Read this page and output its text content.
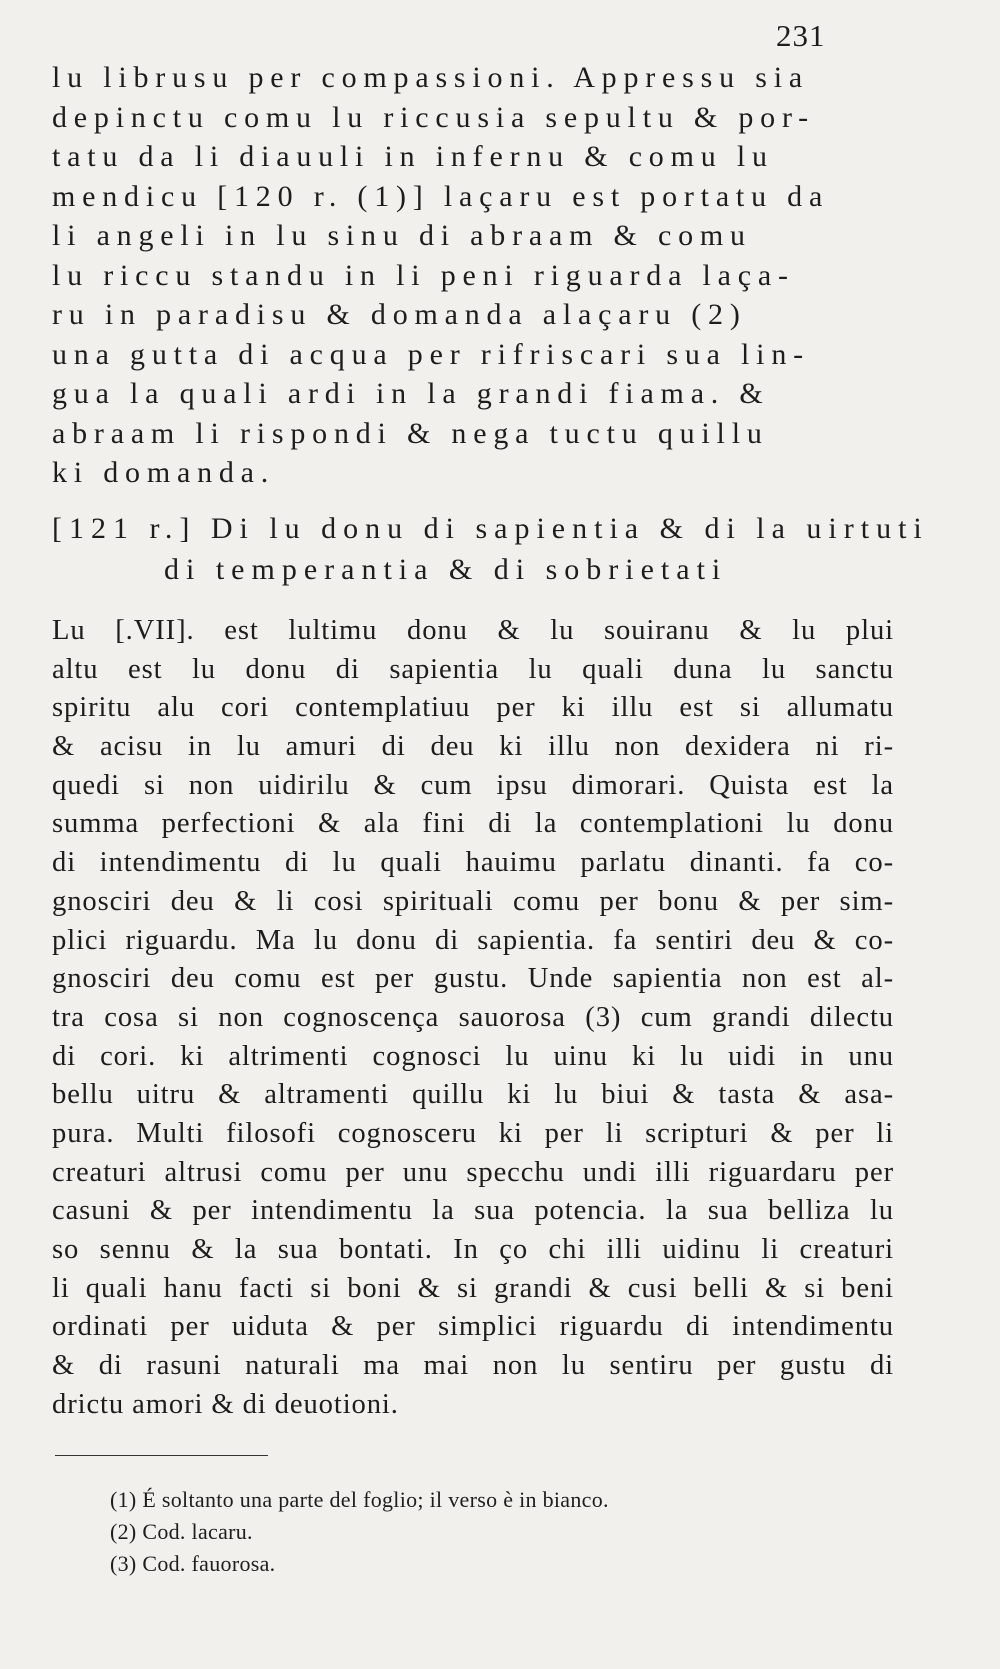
231
lu librusu per compassioni. Appressu sia
depinctu comu lu riccusia sepultu & por-
tatu da li diauuli in infernu & comu lu
mendicu [120 r. (1)] laçaru est portatu da
li angeli in lu sinu di abraam & comu
lu riccu standu in li peni riguarda laça-
ru in paradisu & domanda alaçaru (2)
una gutta di acqua per rifriscari sua lin-
gua la quali ardi in la grandi fiama. &
abraam li rispondi & nega tuctu quillu
ki domanda.
[121 r.] Di lu donu di sapientia & di la uirtuti
di temperantia & di sobrietati
Lu [.VII]. est lultimu donu & lu souiranu & lu plui
altu est lu donu di sapientia lu quali duna lu sanctu
spiritu alu cori contemplatiuu per ki illu est si allumatu
& acisu in lu amuri di deu ki illu non dexidera ni ri-
quedi si non uidirilu & cum ipsu dimorari. Quista est la
summa perfectioni & ala fini di la contemplationi lu donu
di intendimentu di lu quali hauimu parlatu dinanti. fa co-
gnosciri deu & li cosi spirituali comu per bonu & per sim-
plici riguardu. Ma lu donu di sapientia. fa sentiri deu & co-
gnosciri deu comu est per gustu. Unde sapientia non est al-
tra cosa si non cognoscença sauorosa (3) cum grandi dilectu
di cori. ki altrimenti cognosci lu uinu ki lu uidi in unu
bellu uitru & altramenti quillu ki lu biui & tasta & asa-
pura. Multi filosofi cognosceru ki per li scripturi & per li
creaturi altrusi comu per unu specchu undi illi riguardaru per
casuni & per intendimentu la sua potencia. la sua belliza lu
so sennu & la sua bontati. In ço chi illi uidinu li creaturi
li quali hanu facti si boni & si grandi & cusi belli & si beni
ordinati per uiduta & per simplici riguardu di intendimentu
& di rasuni naturali ma mai non lu sentiru per gustu di
drictu amori & di deuotioni.
(1) É soltanto una parte del foglio; il verso è in bianco.
(2) Cod. lacaru.
(3) Cod. fauorosa.
